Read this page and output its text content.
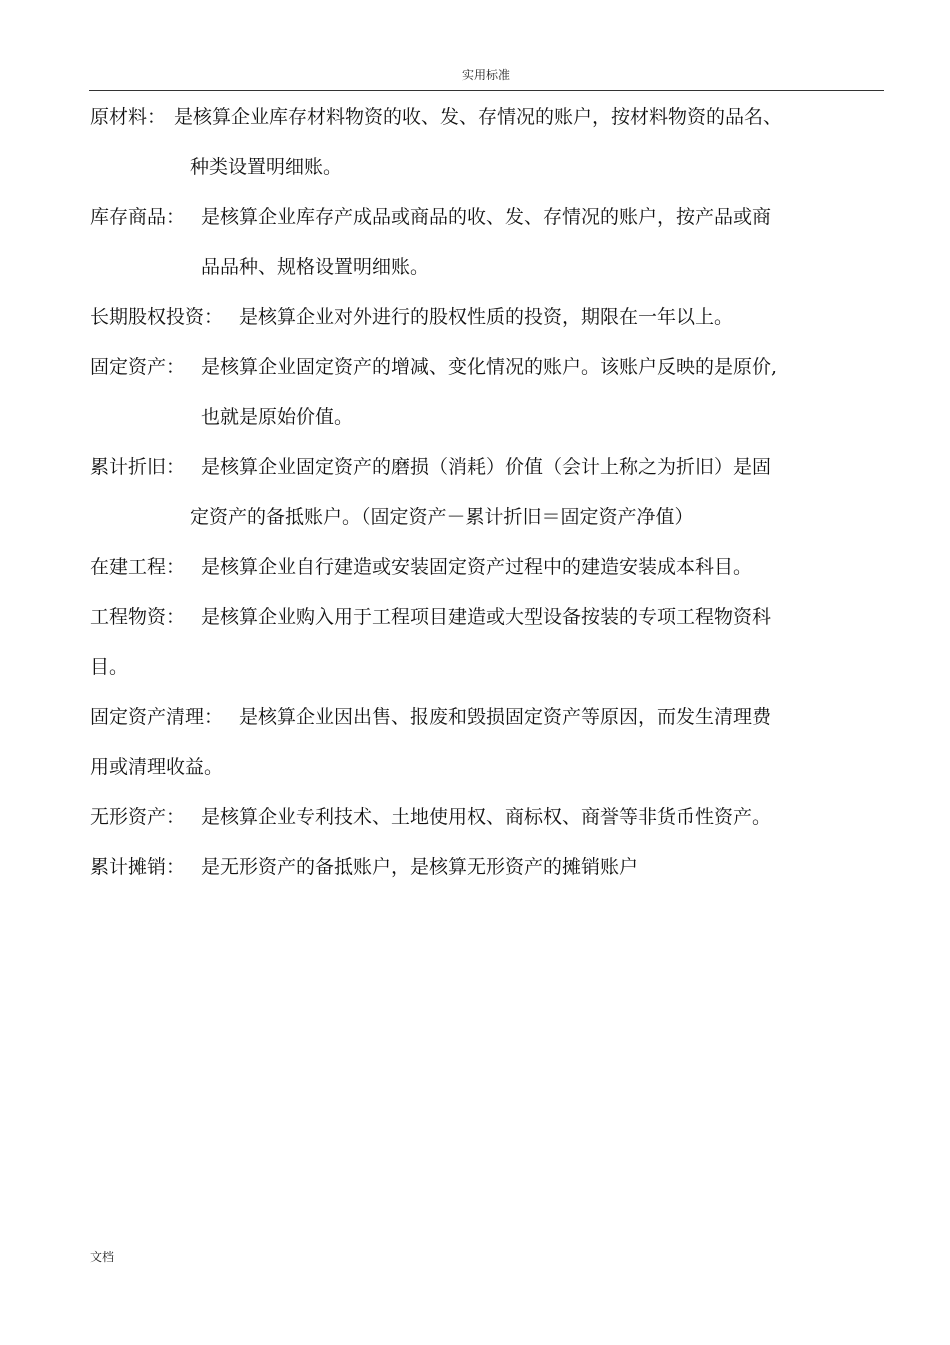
实用标准
原材料： 是核算企业库存材料物资的收、发、存情况的账户，按材料物资的品名、
种类设置明细账。
库存商品： 是核算企业库存产成品或商品的收、发、存情况的账户，按产品或商
品品种、规格设置明细账。
长期股权投资： 是核算企业对外进行的股权性质的投资，期限在一年以上。
固定资产： 是核算企业固定资产的增减、变化情况的账户。该账户反映的是原价,
也就是原始价值。
累计折旧： 是核算企业固定资产的磨损（消耗）价值（会计上称之为折旧）是固
定资产的备抵账户。（固定资产－累计折旧＝固定资产净值）
在建工程： 是核算企业自行建造或安装固定资产过程中的建造安装成本科目。
工程物资： 是核算企业购入用于工程项目建造或大型设备按装的专项工程物资科
目。
固定资产清理： 是核算企业因出售、报废和毁损固定资产等原因，而发生清理费
用或清理收益。
无形资产： 是核算企业专利技术、土地使用权、商标权、商誉等非货币性资产。
累计摊销： 是无形资产的备抵账户，是核算无形资产的摊销账户
文档
